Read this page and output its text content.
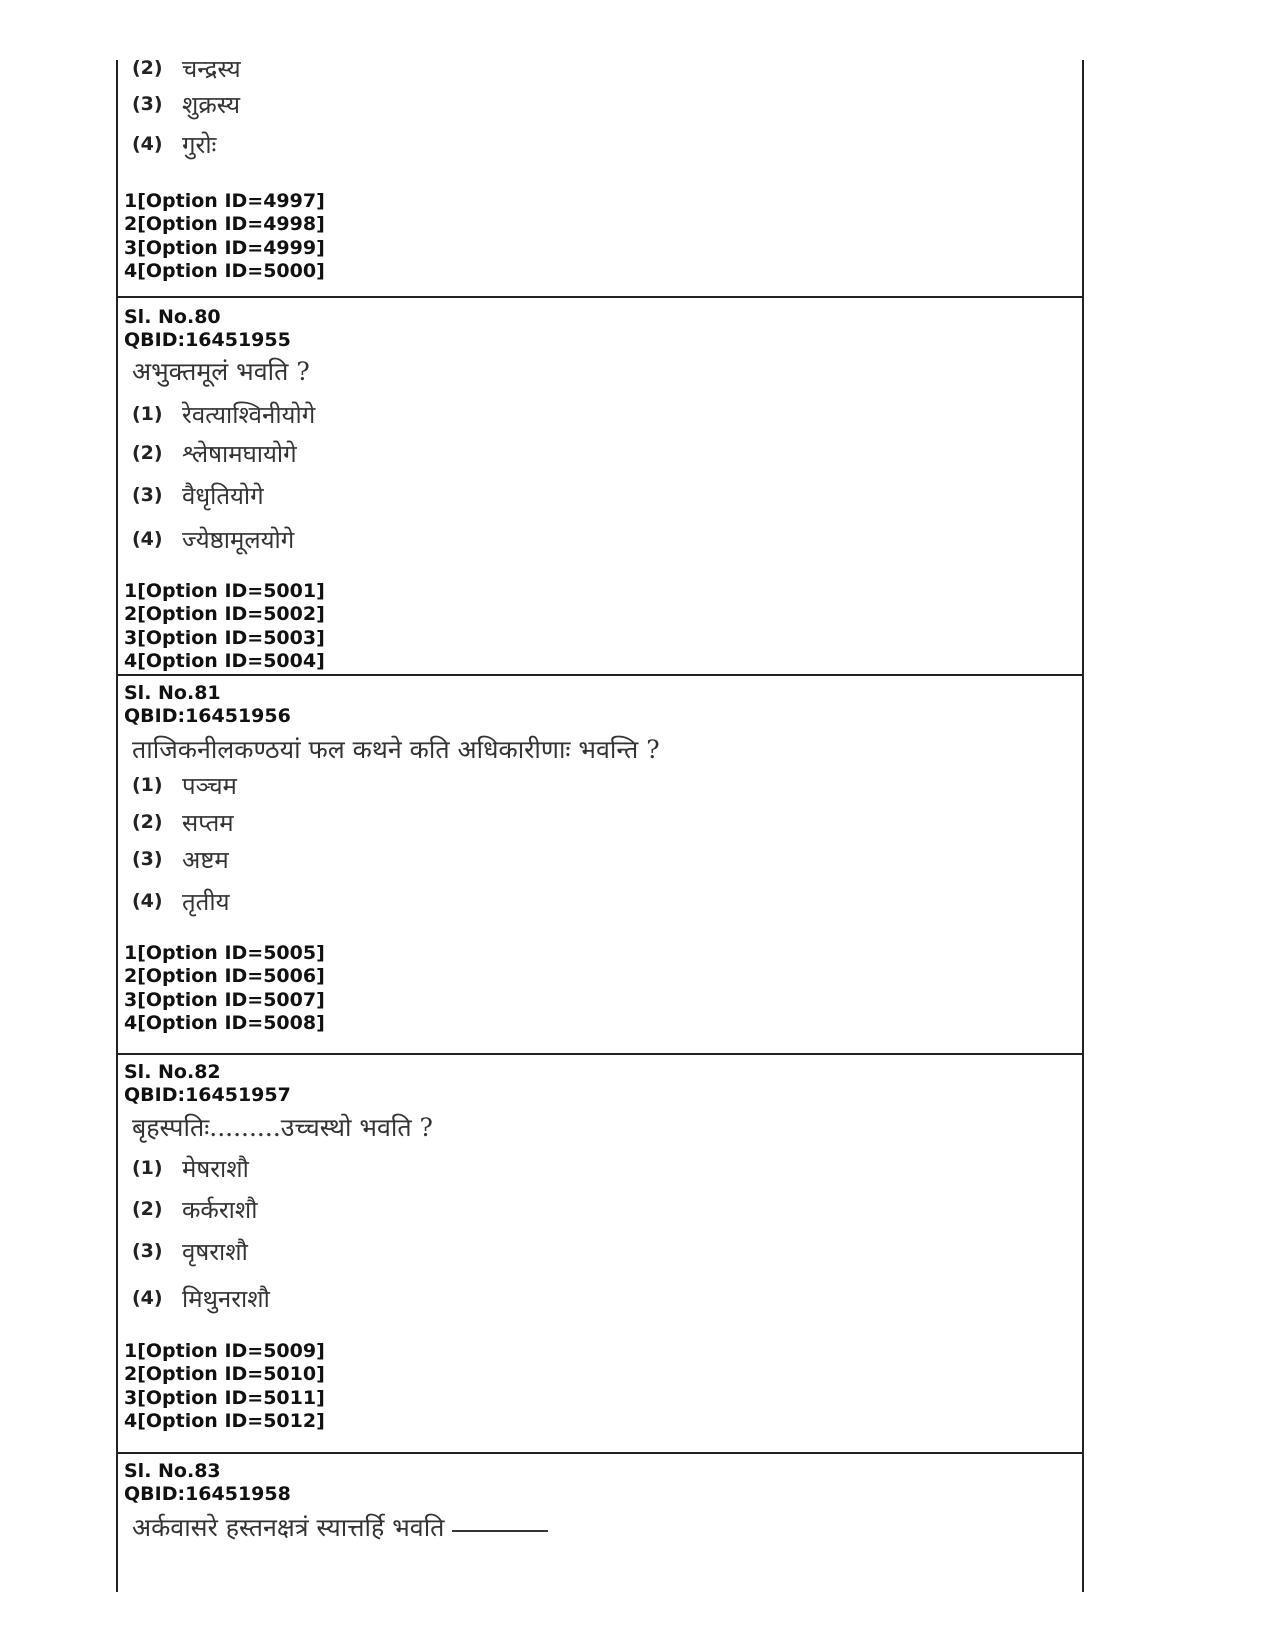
(2) चन्द्रस्य
(3) शुक्रस्य
(4) गुरोः
1[Option ID=4997]
2[Option ID=4998]
3[Option ID=4999]
4[Option ID=5000]
Sl. No.80
QBID:16451955
अभुक्तमूलं भवति ?
(1) रेवत्याश्विनीयोगे
(2) श्लेषामघायोगे
(3) वैधृतियोगे
(4) ज्येष्ठामूलयोगे
1[Option ID=5001]
2[Option ID=5002]
3[Option ID=5003]
4[Option ID=5004]
Sl. No.81
QBID:16451956
ताजिकनीलकण्ठयां फल कथने कति अधिकारीणाः भवन्ति ?
(1) पञ्चम
(2) सप्तम
(3) अष्टम
(4) तृतीय
1[Option ID=5005]
2[Option ID=5006]
3[Option ID=5007]
4[Option ID=5008]
Sl. No.82
QBID:16451957
बृहस्पतिः.........उच्चस्थो भवति ?
(1) मेषराशौ
(2) कर्कराशौ
(3) वृषराशौ
(4) मिथुनराशौ
1[Option ID=5009]
2[Option ID=5010]
3[Option ID=5011]
4[Option ID=5012]
Sl. No.83
QBID:16451958
अर्कवासरे हस्तनक्षत्रं स्यात्तर्हि भवति
